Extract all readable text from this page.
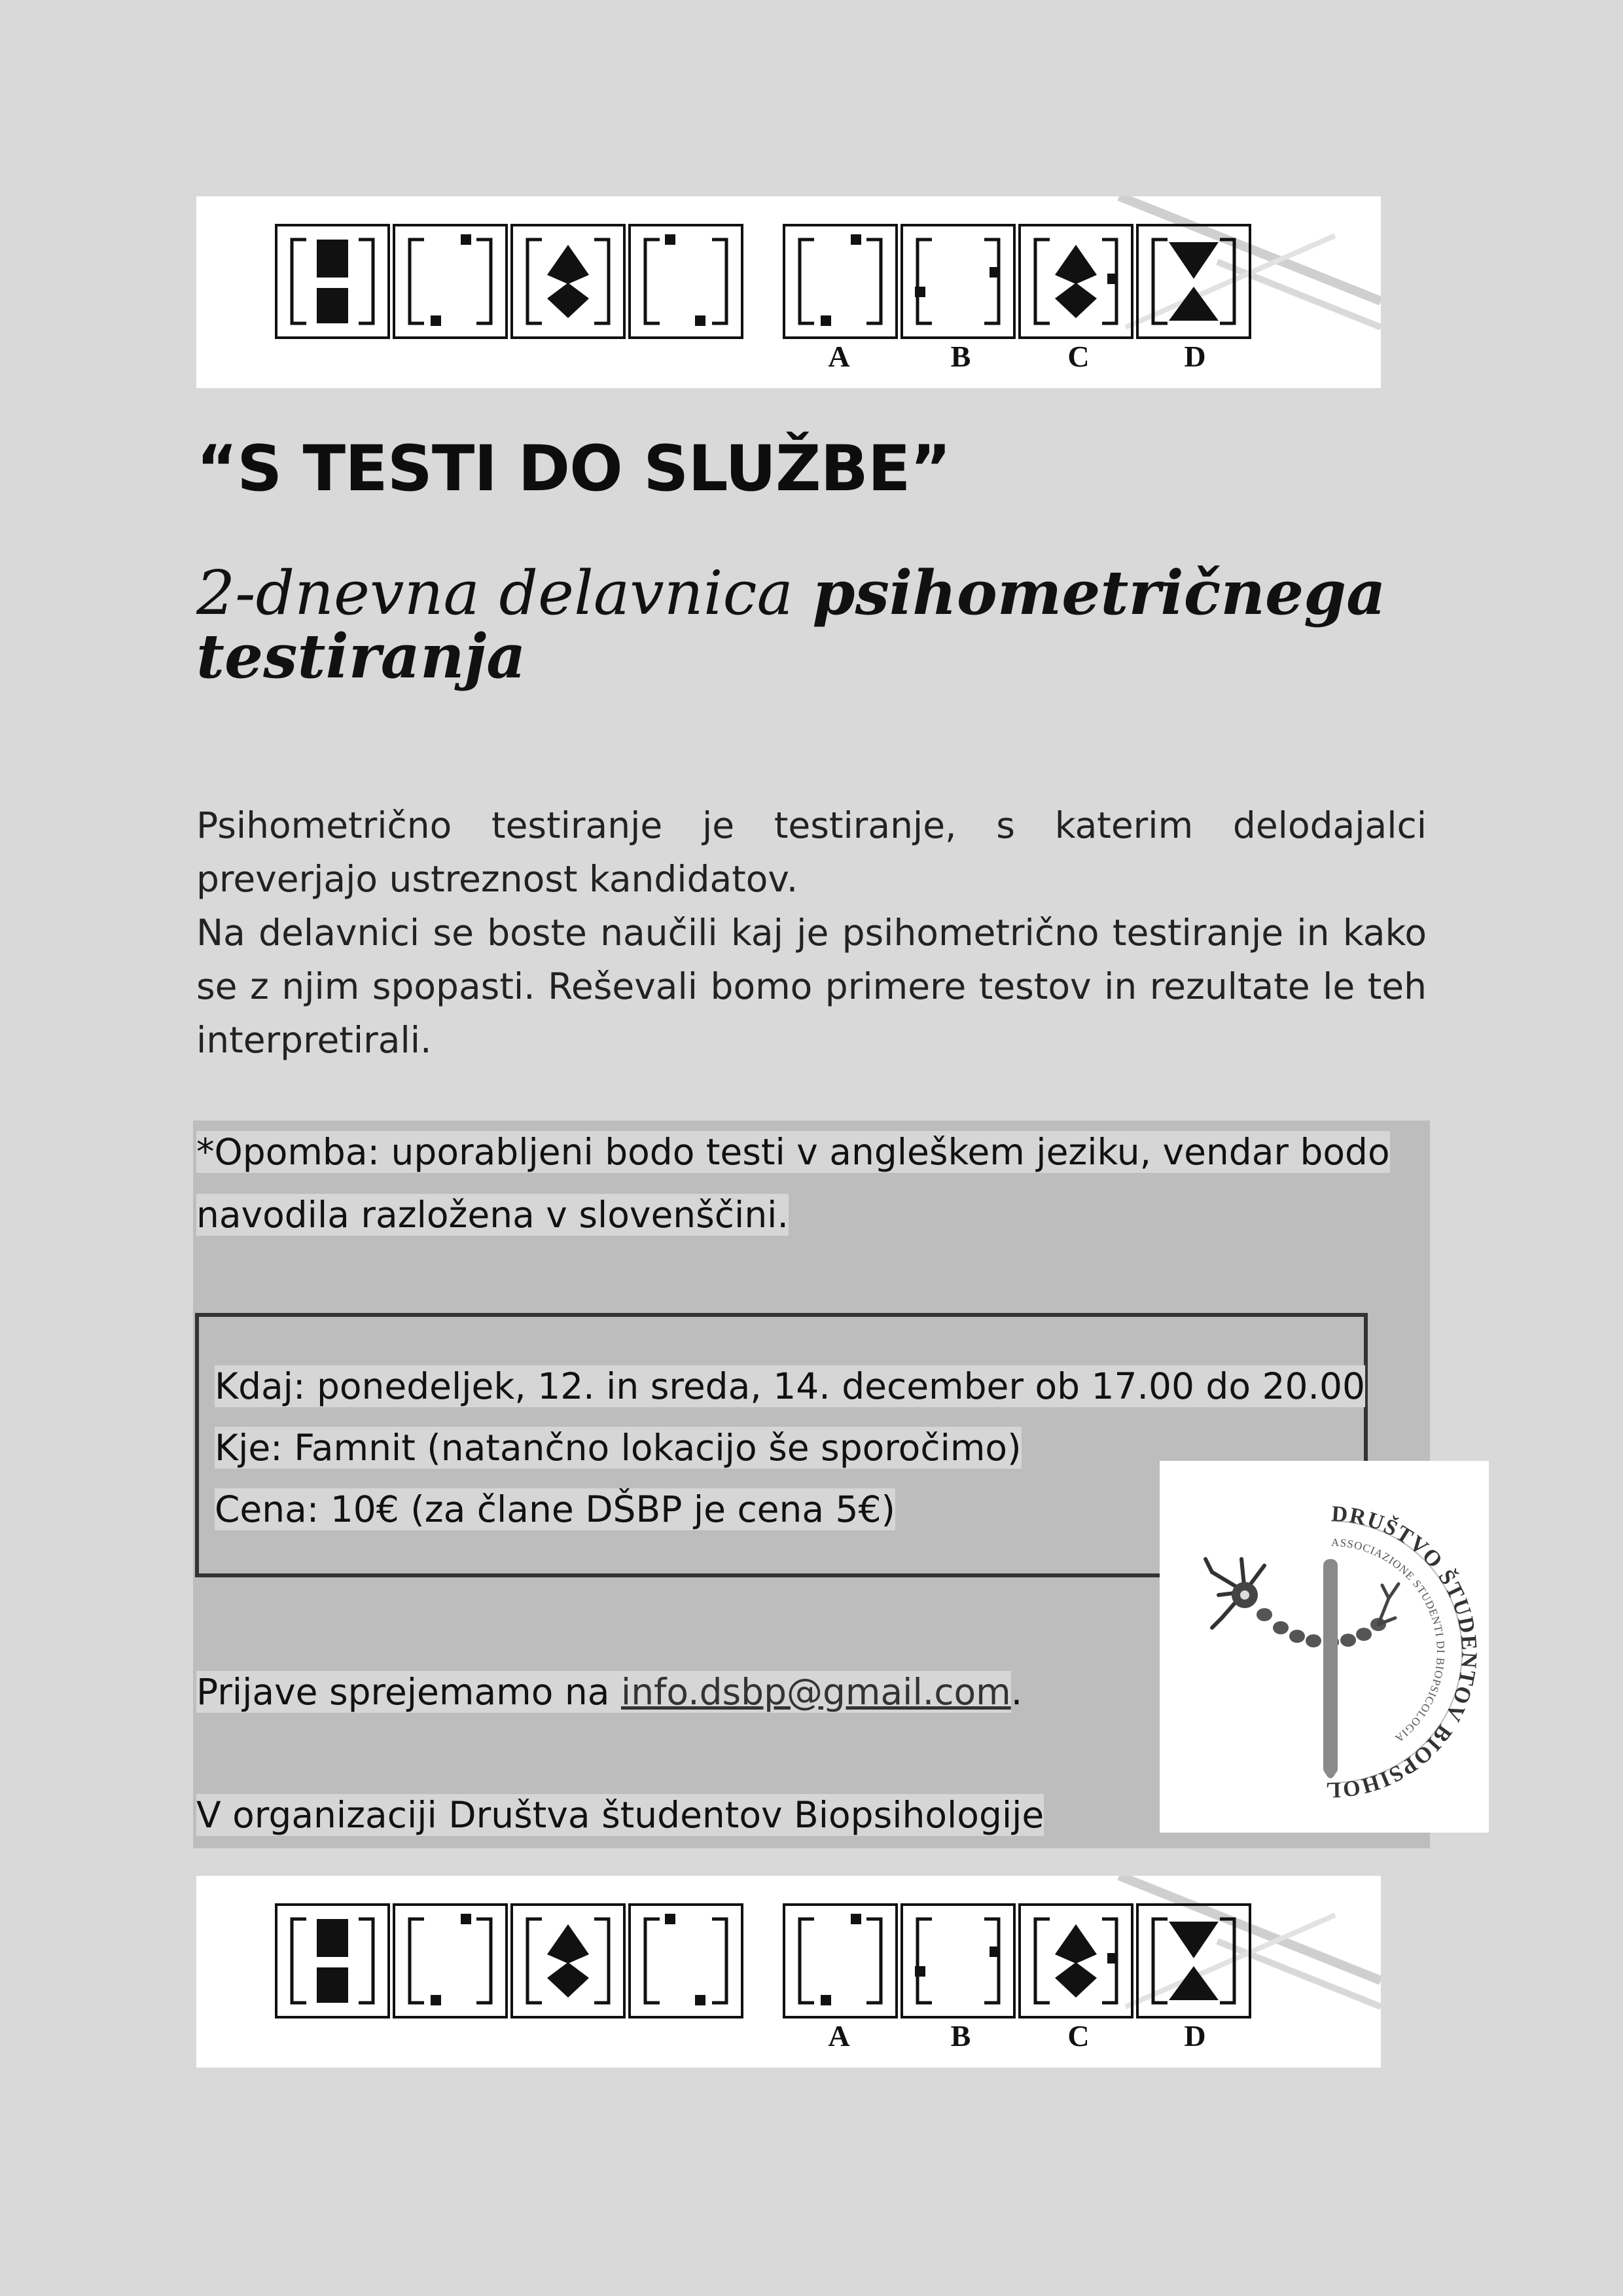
A	B	C	D
“S TESTI DO SLUŽBE”
2-dnevna delavnica psihometričnega testiranja

Psihometrično testiranje je testiranje, s katerim delodajalci preverjajo ustreznost kandidatov.

Na delavnici se boste naučili kaj je psihometrično testiranje in kako se z njim spopasti. Reševali bomo primere testov in rezultate le teh interpretirali.

*Opomba: uporabljeni bodo testi v angleškem jeziku, vendar bodo navodila razložena v slovenščini.

Kdaj: ponedeljek, 12. in sreda, 14. december ob 17.00 do 20.00
Kje: Famnit (natančno lokacijo še sporočimo)
Cena: 10€ (za člane DŠBP je cena 5€)	DRUŠTVO ŠTUDENTOV BIOPSIHOL
ASSOCIAZIONE STUDENTI DI BIOPSICOLOGIA
Prijave sprejemamo na info.dsbp@gmail.com.
V organizaciji Društva študentov Biopsihologije
A	B	C	D
